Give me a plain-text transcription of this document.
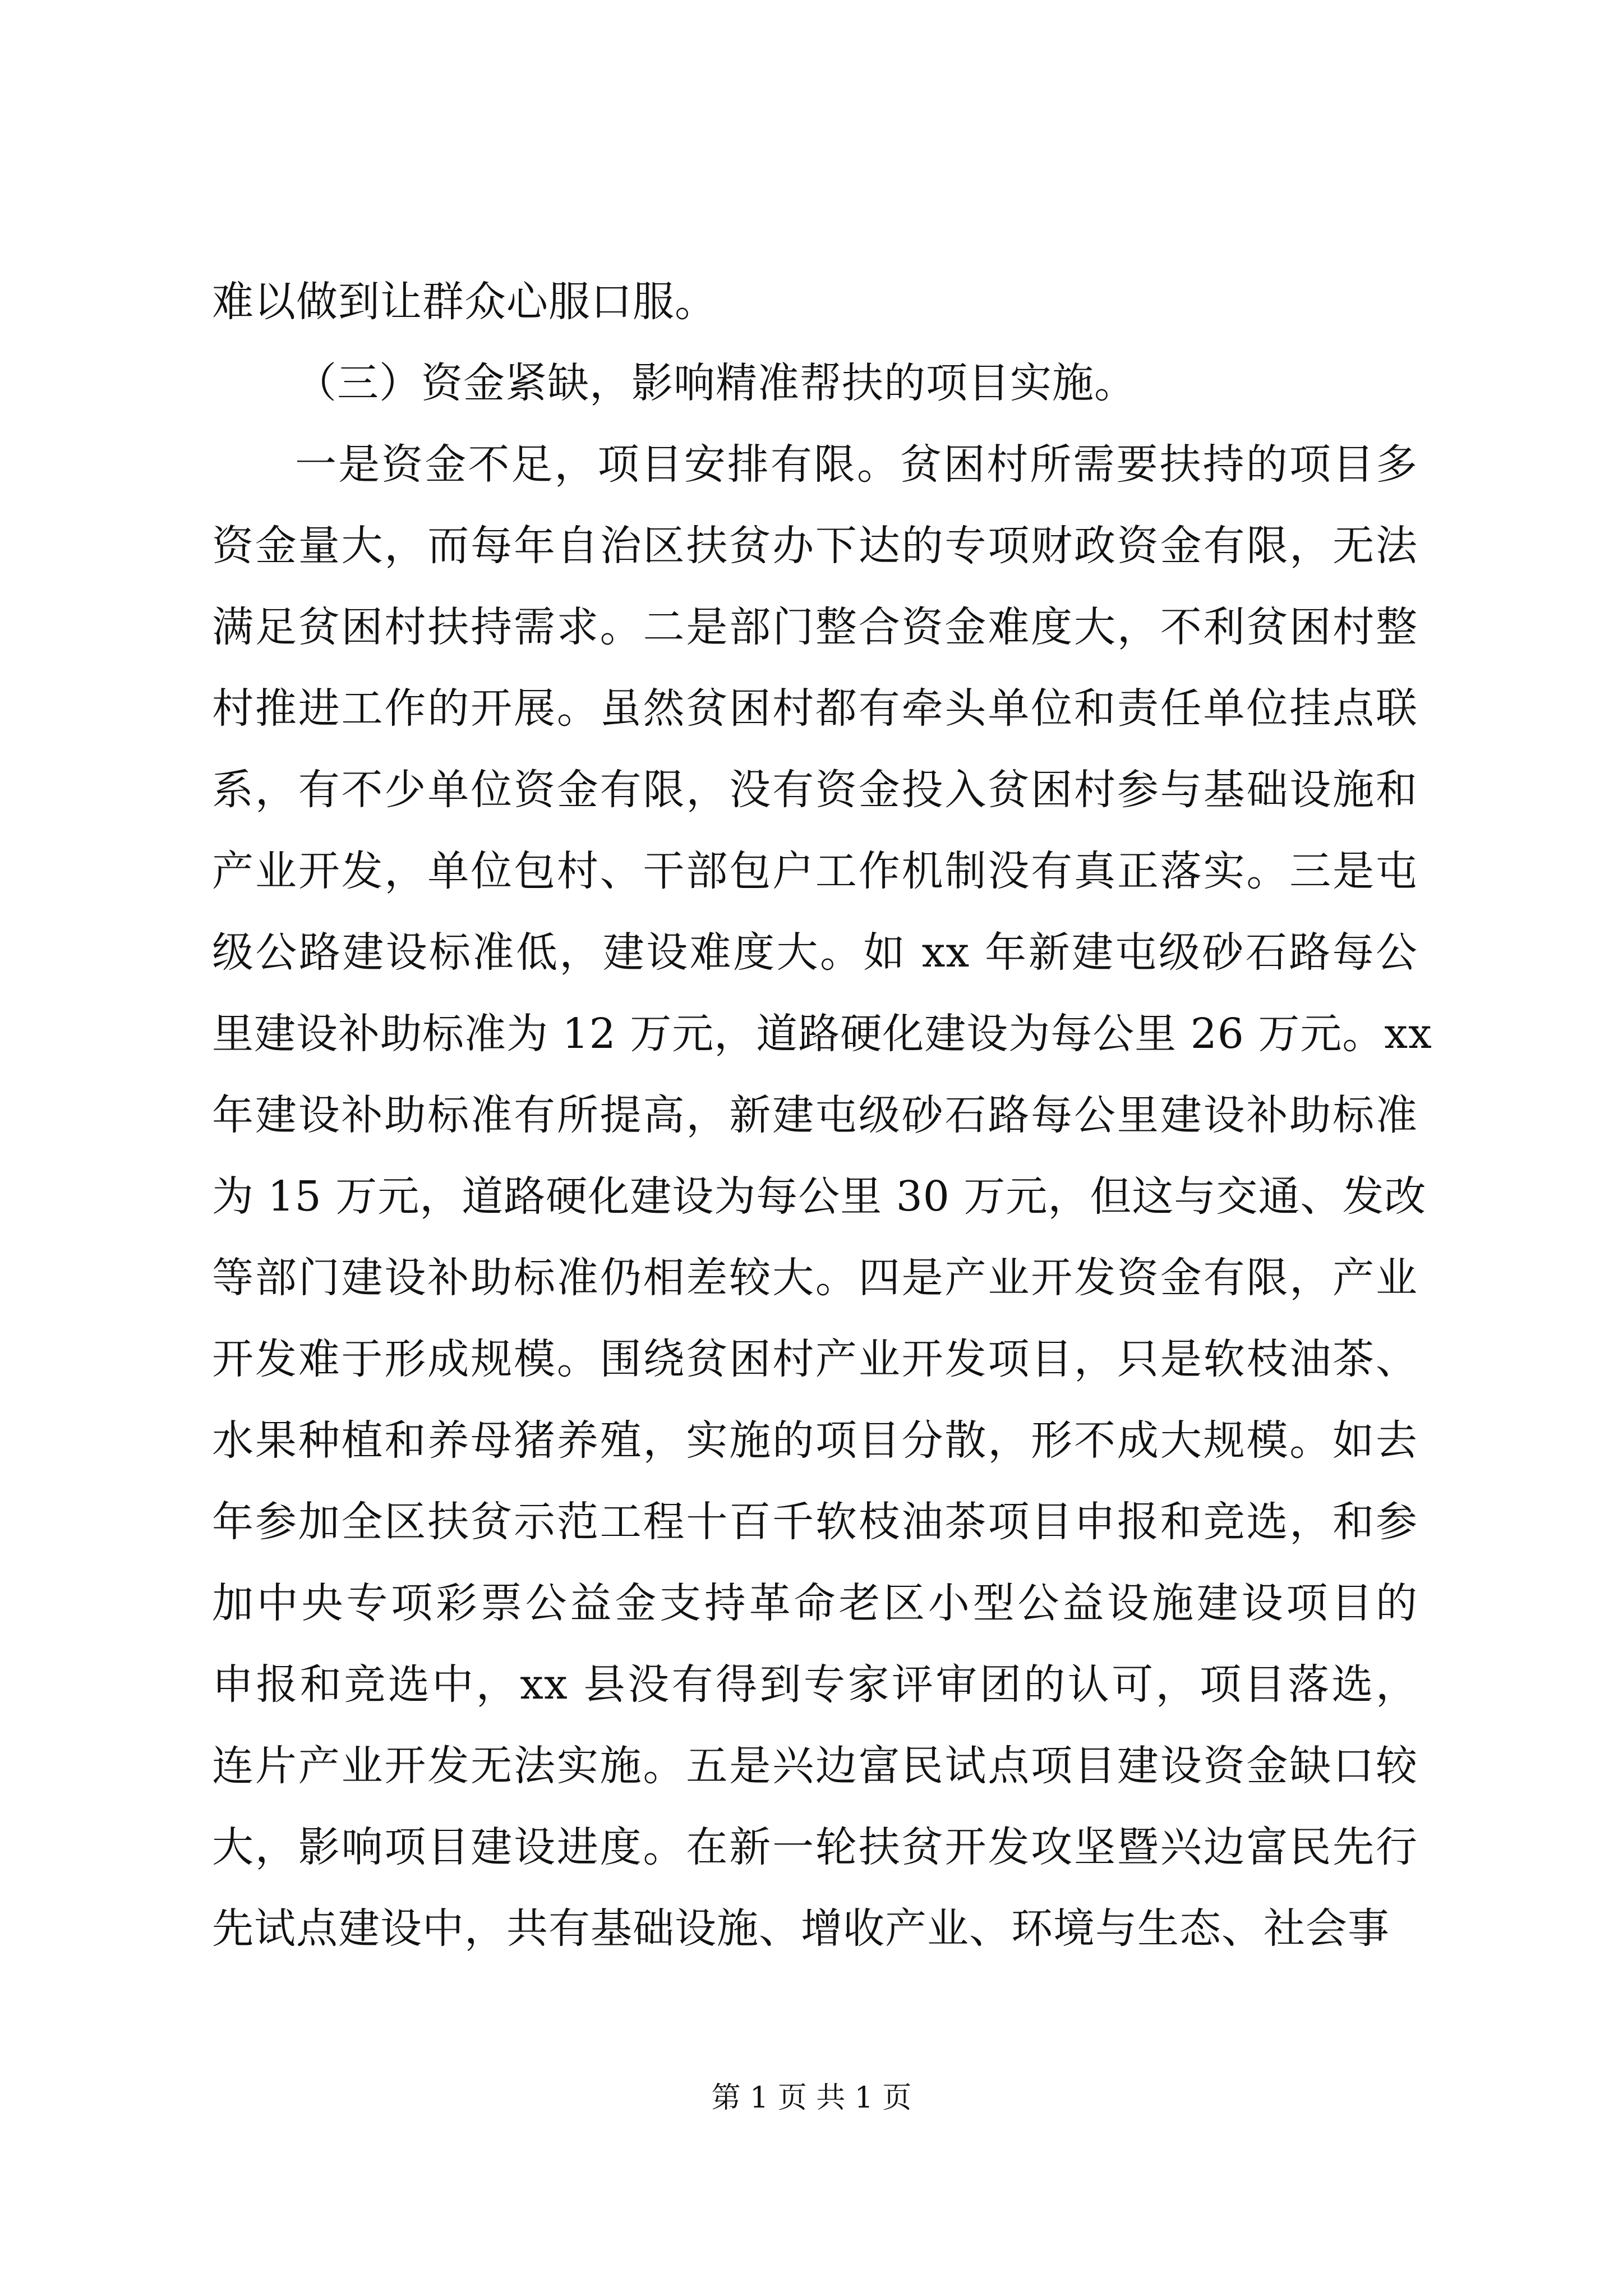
难以做到让群众心服口服。
（三）资金紧缺，影响精准帮扶的项目实施。
一是资金不足，项目安排有限。贫困村所需要扶持的项目多
资金量大，而每年自治区扶贫办下达的专项财政资金有限，无法
满足贫困村扶持需求。二是部门整合资金难度大，不利贫困村整
村推进工作的开展。虽然贫困村都有牵头单位和责任单位挂点联
系，有不少单位资金有限，没有资金投入贫困村参与基础设施和
产业开发，单位包村、干部包户工作机制没有真正落实。三是屯
级公路建设标准低，建设难度大。如 xx 年新建屯级砂石路每公
里建设补助标准为 12 万元，道路硬化建设为每公里 26 万元。xx
年建设补助标准有所提高，新建屯级砂石路每公里建设补助标准
为 15 万元，道路硬化建设为每公里 30 万元，但这与交通、发改
等部门建设补助标准仍相差较大。四是产业开发资金有限，产业
开发难于形成规模。围绕贫困村产业开发项目，只是软枝油茶、
水果种植和养母猪养殖，实施的项目分散，形不成大规模。如去
年参加全区扶贫示范工程十百千软枝油茶项目申报和竞选，和参
加中央专项彩票公益金支持革命老区小型公益设施建设项目的
申报和竞选中，xx 县没有得到专家评审团的认可，项目落选，
连片产业开发无法实施。五是兴边富民试点项目建设资金缺口较
大，影响项目建设进度。在新一轮扶贫开发攻坚暨兴边富民先行
先试点建设中，共有基础设施、增收产业、环境与生态、社会事
第 1 页 共 1 页
